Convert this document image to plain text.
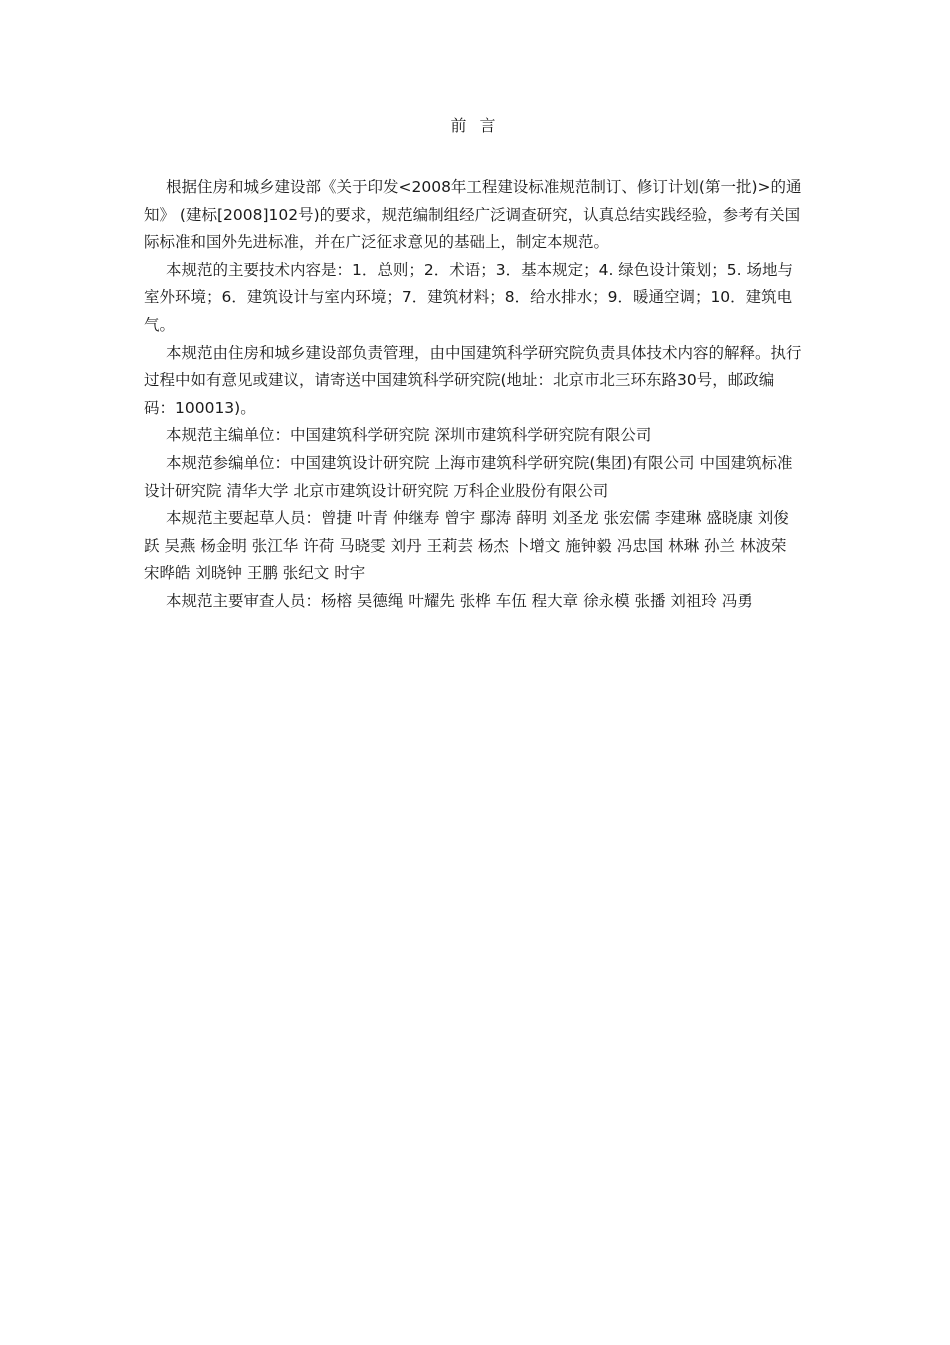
前 言

根据住房和城乡建设部《关于印发<2008年工程建设标准规范制订、修订计划(第一批)>的通知》 (建标[2008]102号)的要求，规范编制组经广泛调查研究，认真总结实践经验，参考有关国际标准和国外先进标准，并在广泛征求意见的基础上，制定本规范。

本规范的主要技术内容是：1．总则；2．术语；3．基本规定；4. 绿色设计策划；5. 场地与室外环境；6．建筑设计与室内环境；7．建筑材料；8．给水排水；9．暖通空调；10．建筑电气。

本规范由住房和城乡建设部负责管理，由中国建筑科学研究院负责具体技术内容的解释。执行过程中如有意见或建议，请寄送中国建筑科学研究院(地址：北京市北三环东路30号，邮政编码：100013)。

本规范主编单位：中国建筑科学研究院 深圳市建筑科学研究院有限公司

本规范参编单位：中国建筑设计研究院 上海市建筑科学研究院(集团)有限公司 中国建筑标准设计研究院 清华大学 北京市建筑设计研究院 万科企业股份有限公司

本规范主要起草人员：曾捷 叶青 仲继寿 曾宇 鄢涛 薛明 刘圣龙 张宏儒 李建琳 盛晓康 刘俊跃 吴燕 杨金明 张江华 许荷 马晓雯 刘丹 王莉芸 杨杰 卜增文 施钟毅 冯忠国 林琳 孙兰 林波荣 宋晔皓 刘晓钟 王鹏 张纪文 时宇

本规范主要审查人员：杨榕 吴德绳 叶耀先 张桦 车伍 程大章 徐永模 张播 刘祖玲 冯勇
